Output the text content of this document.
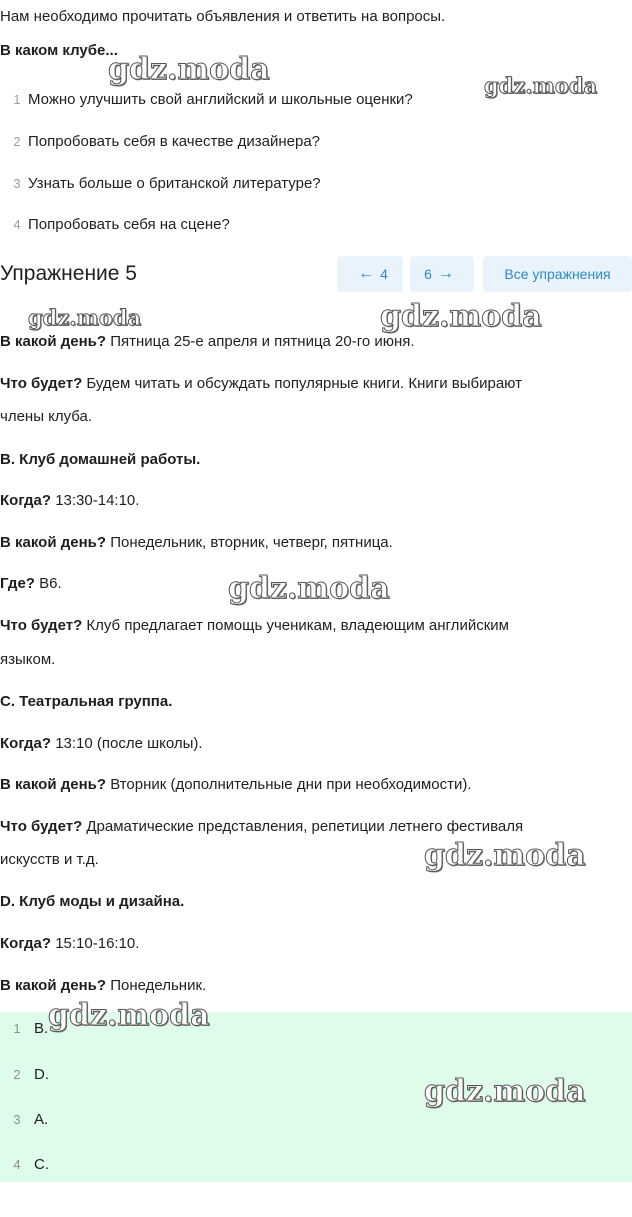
Нам необходимо прочитать объявления и ответить на вопросы.
В каком клубе...
1 Можно улучшить свой английский и школьные оценки?
2 Попробовать себя в качестве дизайнера?
3 Узнать больше о британской литературе?
4 Попробовать себя на сцене?
Упражнение 5	← 4	6 →	Все упражнения
В какой день? Пятница 25-е апреля и пятница 20-го июня.
Что будет? Будем читать и обсуждать популярные книги. Книги выбирают
члены клуба.
B. Клуб домашней работы.
Когда? 13:30-14:10.
В какой день? Понедельник, вторник, четверг, пятница.
Где? B6.
Что будет? Клуб предлагает помощь ученикам, владеющим английским
языком.
C. Театральная группа.
Когда? 13:10 (после школы).
В какой день? Вторник (дополнительные дни при необходимости).
Что будет? Драматические представления, репетиции летнего фестиваля
искусств и т.д.
D. Клуб моды и дизайна.
Когда? 15:10-16:10.
В какой день? Понедельник.
1 B.
2 D.
3 A.
4 C.
gdz.moda	gdz.moda
gdz.moda	gdz.moda
gdz.moda
gdz.moda
gdz.moda
gdz.moda
